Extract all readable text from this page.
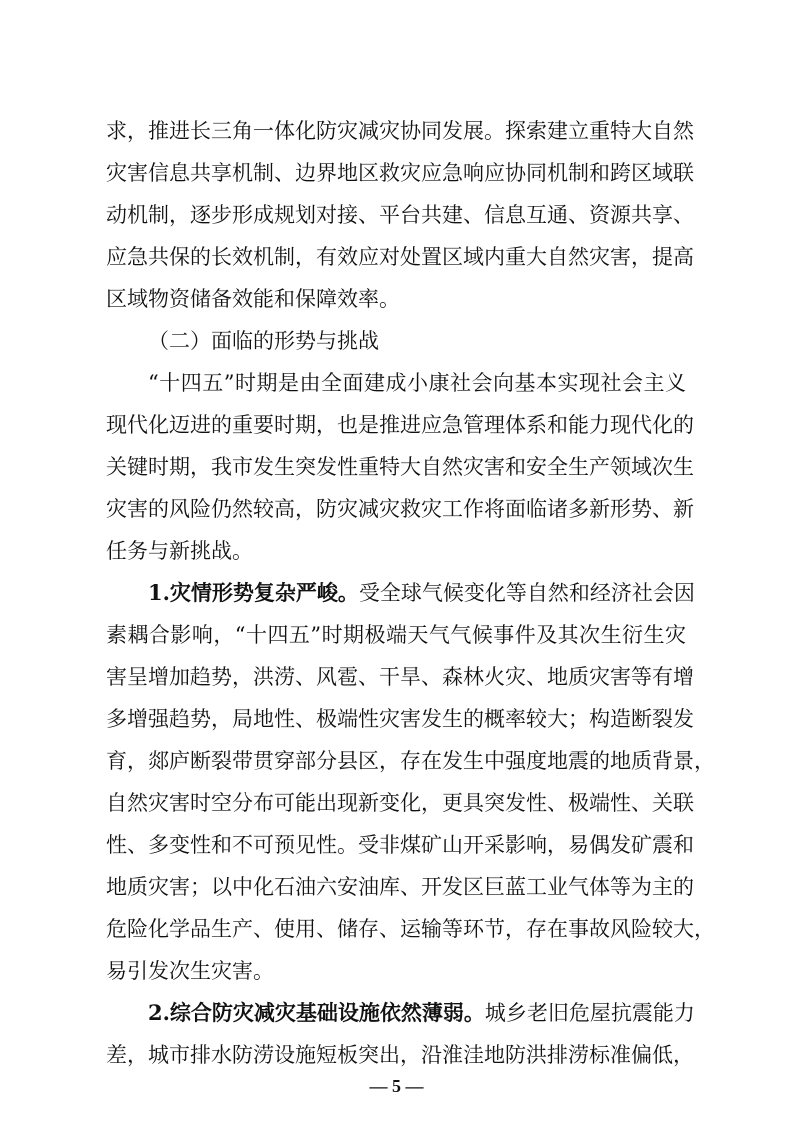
求，推进长三角一体化防灾减灾协同发展。探索建立重特大自然
灾害信息共享机制、边界地区救灾应急响应协同机制和跨区域联
动机制，逐步形成规划对接、平台共建、信息互通、资源共享、
应急共保的长效机制，有效应对处置区域内重大自然灾害，提高
区域物资储备效能和保障效率。
（二）面临的形势与挑战
“十四五”时期是由全面建成小康社会向基本实现社会主义
现代化迈进的重要时期，也是推进应急管理体系和能力现代化的
关键时期，我市发生突发性重特大自然灾害和安全生产领域次生
灾害的风险仍然较高，防灾减灾救灾工作将面临诸多新形势、新
任务与新挑战。
1.灾情形势复杂严峻。受全球气候变化等自然和经济社会因
素耦合影响，“十四五”时期极端天气气候事件及其次生衍生灾
害呈增加趋势，洪涝、风雹、干旱、森林火灾、地质灾害等有增
多增强趋势，局地性、极端性灾害发生的概率较大；构造断裂发
育，郯庐断裂带贯穿部分县区，存在发生中强度地震的地质背景，
自然灾害时空分布可能出现新变化，更具突发性、极端性、关联
性、多变性和不可预见性。受非煤矿山开采影响，易偶发矿震和
地质灾害；以中化石油六安油库、开发区巨蓝工业气体等为主的
危险化学品生产、使用、储存、运输等环节，存在事故风险较大，
易引发次生灾害。
2.综合防灾减灾基础设施依然薄弱。城乡老旧危屋抗震能力
差，城市排水防涝设施短板突出，沿淮洼地防洪排涝标准偏低，
— 5 —
